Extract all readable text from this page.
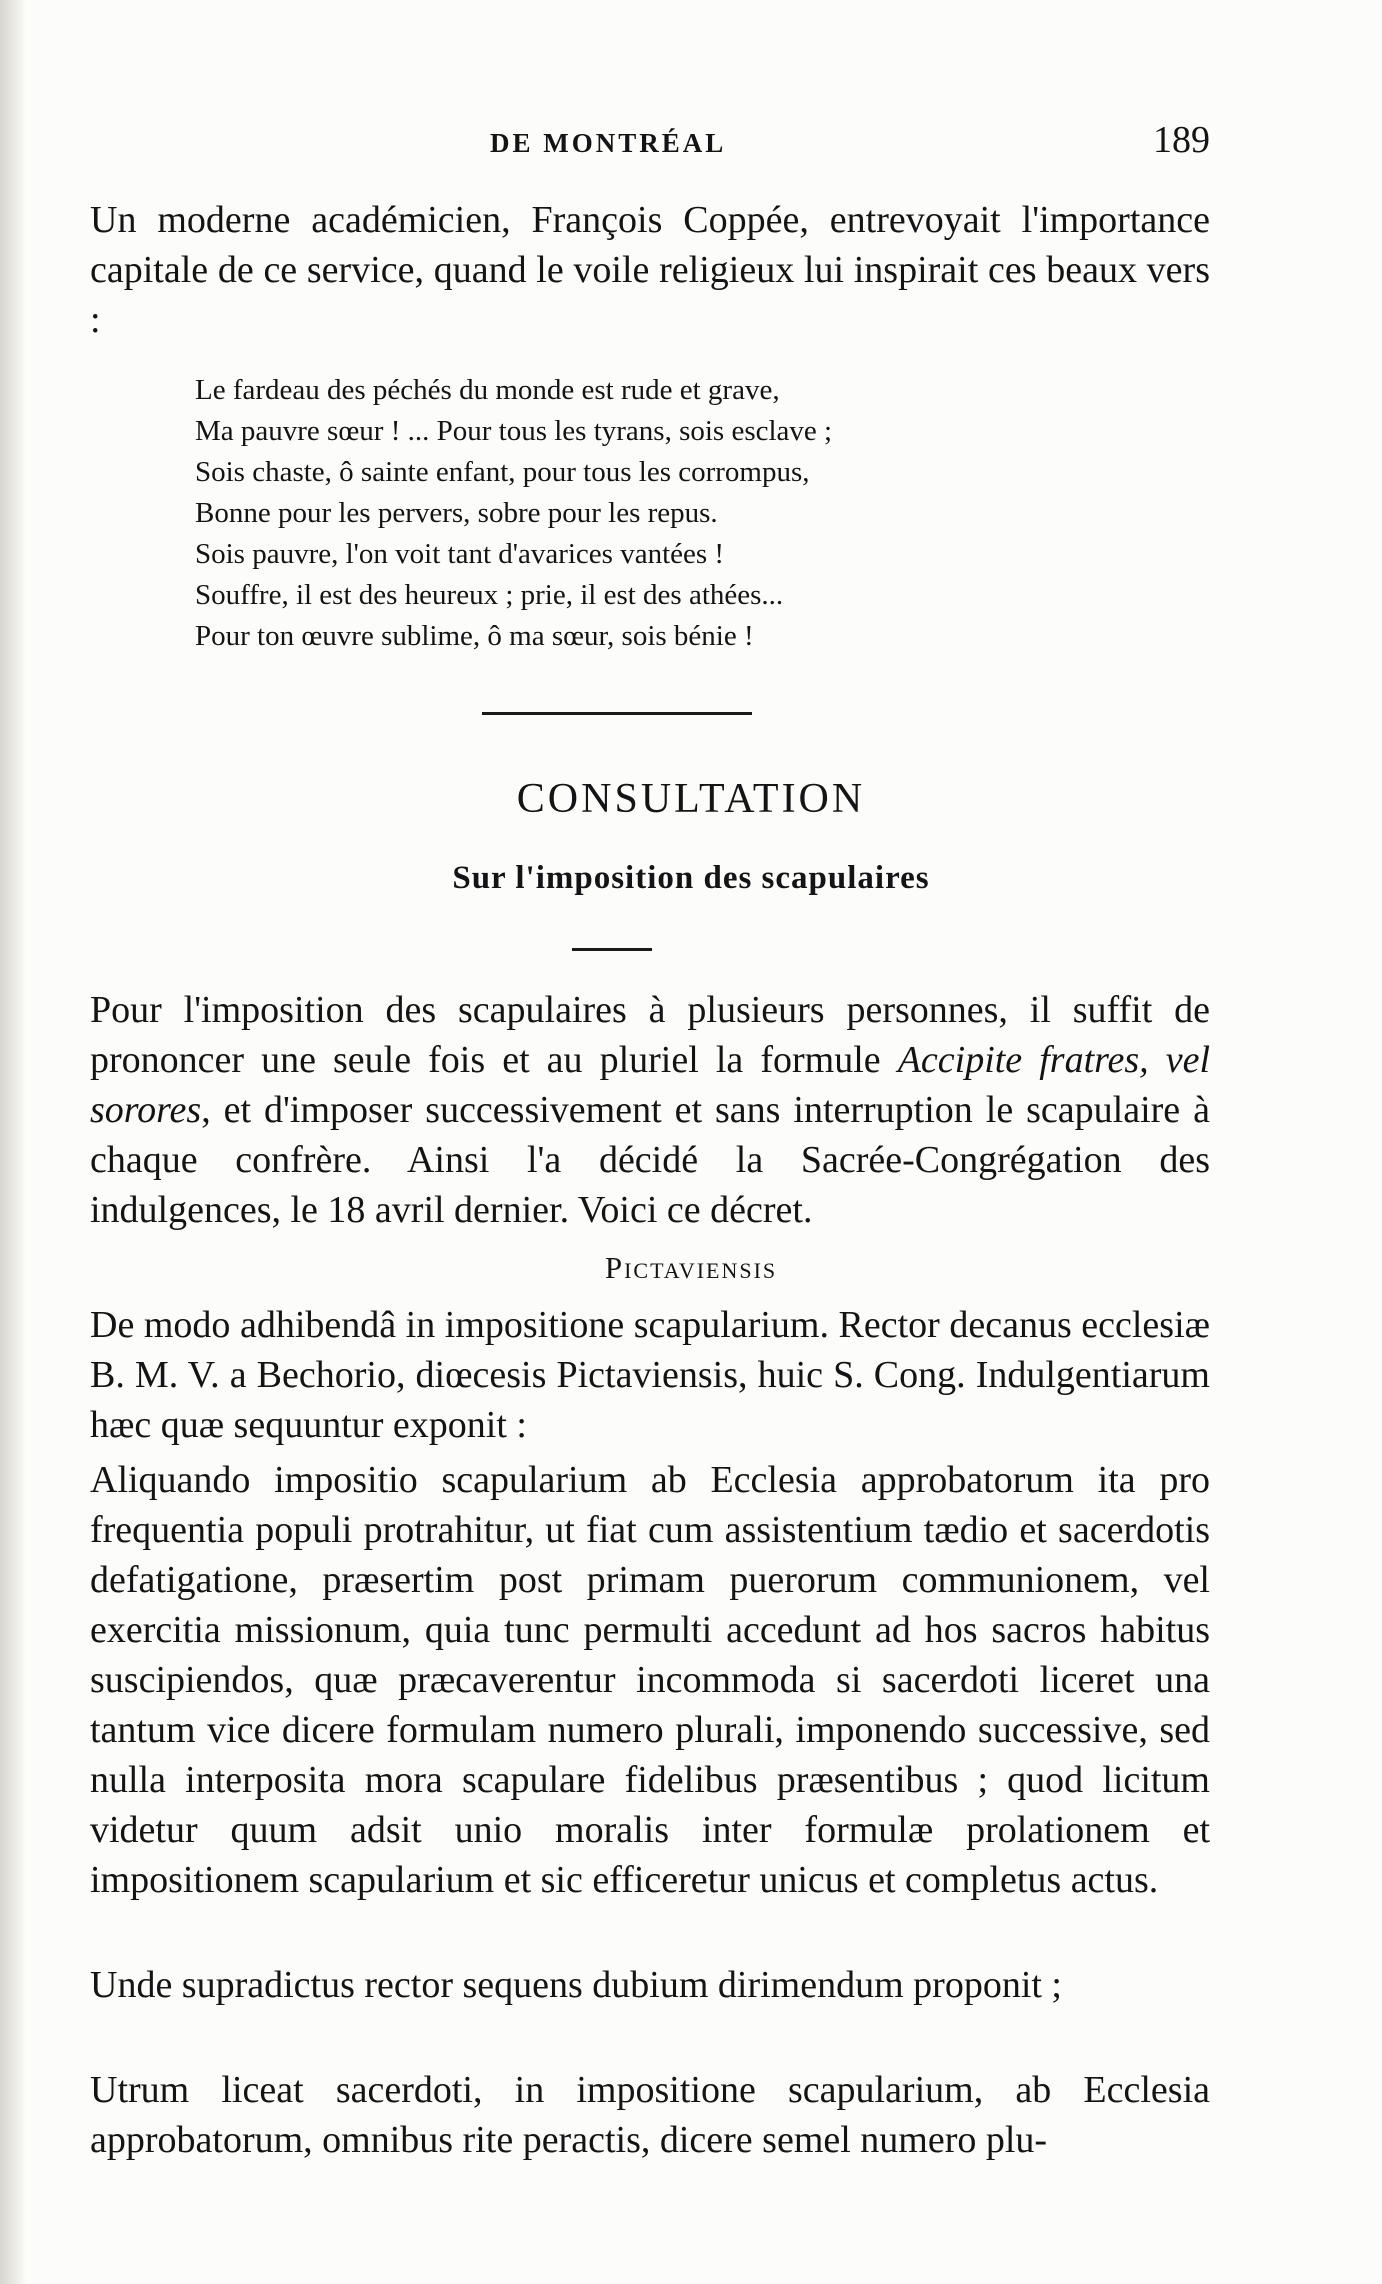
DE MONTRÉAL	189

Un moderne académicien, François Coppée, entrevoyait l'importance capitale de ce service, quand le voile religieux lui inspirait ces beaux vers :

Le fardeau des péchés du monde est rude et grave,
Ma pauvre sœur ! ... Pour tous les tyrans, sois esclave ;
Sois chaste, ô sainte enfant, pour tous les corrompus,
Bonne pour les pervers, sobre pour les repus.
Sois pauvre, l'on voit tant d'avarices vantées !
Souffre, il est des heureux ; prie, il est des athées...
Pour ton œuvre sublime, ô ma sœur, sois bénie !
CONSULTATION
Sur l'imposition des scapulaires

Pour l'imposition des scapulaires à plusieurs personnes, il suffit de prononcer une seule fois et au pluriel la formule Accipite fratres, vel sorores, et d'imposer successivement et sans interruption le scapulaire à chaque confrère. Ainsi l'a décidé la Sacrée-Congrégation des indulgences, le 18 avril dernier. Voici ce décret.

Pictaviensis

De modo adhibendâ in impositione scapularium. Rector decanus ecclesiæ B. M. V. a Bechorio, diœcesis Pictaviensis, huic S. Cong. Indulgentiarum hæc quæ sequuntur exponit :

Aliquando impositio scapularium ab Ecclesia approbatorum ita pro frequentia populi protrahitur, ut fiat cum assistentium tædio et sacerdotis defatigatione, præsertim post primam puerorum communionem, vel exercitia missionum, quia tunc permulti accedunt ad hos sacros habitus suscipiendos, quæ præcaverentur incommoda si sacerdoti liceret una tantum vice dicere formulam numero plurali, imponendo successive, sed nulla interposita mora scapulare fidelibus præsentibus ; quod licitum videtur quum adsit unio moralis inter formulæ prolationem et impositionem scapularium et sic efficeretur unicus et completus actus.

Unde supradictus rector sequens dubium dirimendum proponit ;

Utrum liceat sacerdoti, in impositione scapularium, ab Ecclesia approbatorum, omnibus rite peractis, dicere semel numero plu-
